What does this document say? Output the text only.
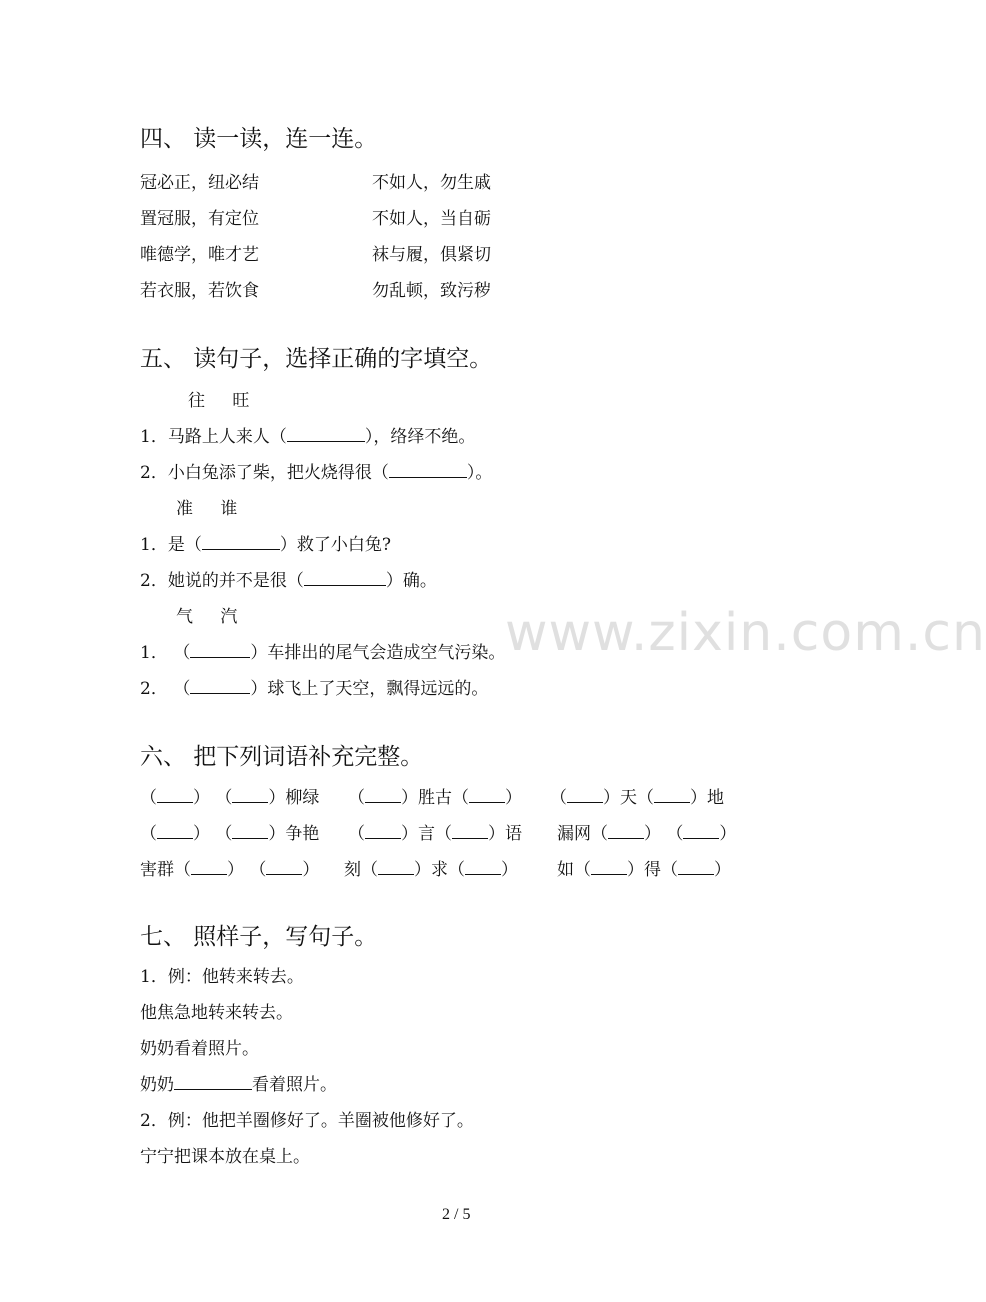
www.zixin.com.cn
四、 读一读，连一连。
冠必正，纽必结	不如人，勿生戚
置冠服，有定位	不如人，当自砺
唯德学，唯才艺	袜与履，俱紧切
若衣服，若饮食	勿乱顿，致污秽
五、 读句子，选择正确的字填空。
往 旺
1．马路上人来人（	），络绎不绝。
2．小白兔添了柴，把火烧得很（	）。
准 谁
1．是（	）救了小白兔?
2．她说的并不是很（	）确。
气 汽
1． （	）车排出的尾气会造成空气污染。
2． （	）球飞上了天空，飘得远远的。
六、 把下列词语补充完整。
（ ） （ ）柳绿 （ ）胜古（ ） （ ）天（ ）地
（ ） （ ）争艳 （ ）言（ ）语 漏网（ ） （ ）
害群（ ） （ ） 刻（ ）求（ ） 如（ ）得（ ）
七、 照样子，写句子。
1．例：他转来转去。
他焦急地转来转去。
奶奶看着照片。
奶奶	看着照片。
2．例：他把羊圈修好了。羊圈被他修好了。
宁宁把课本放在桌上。
2 / 5
